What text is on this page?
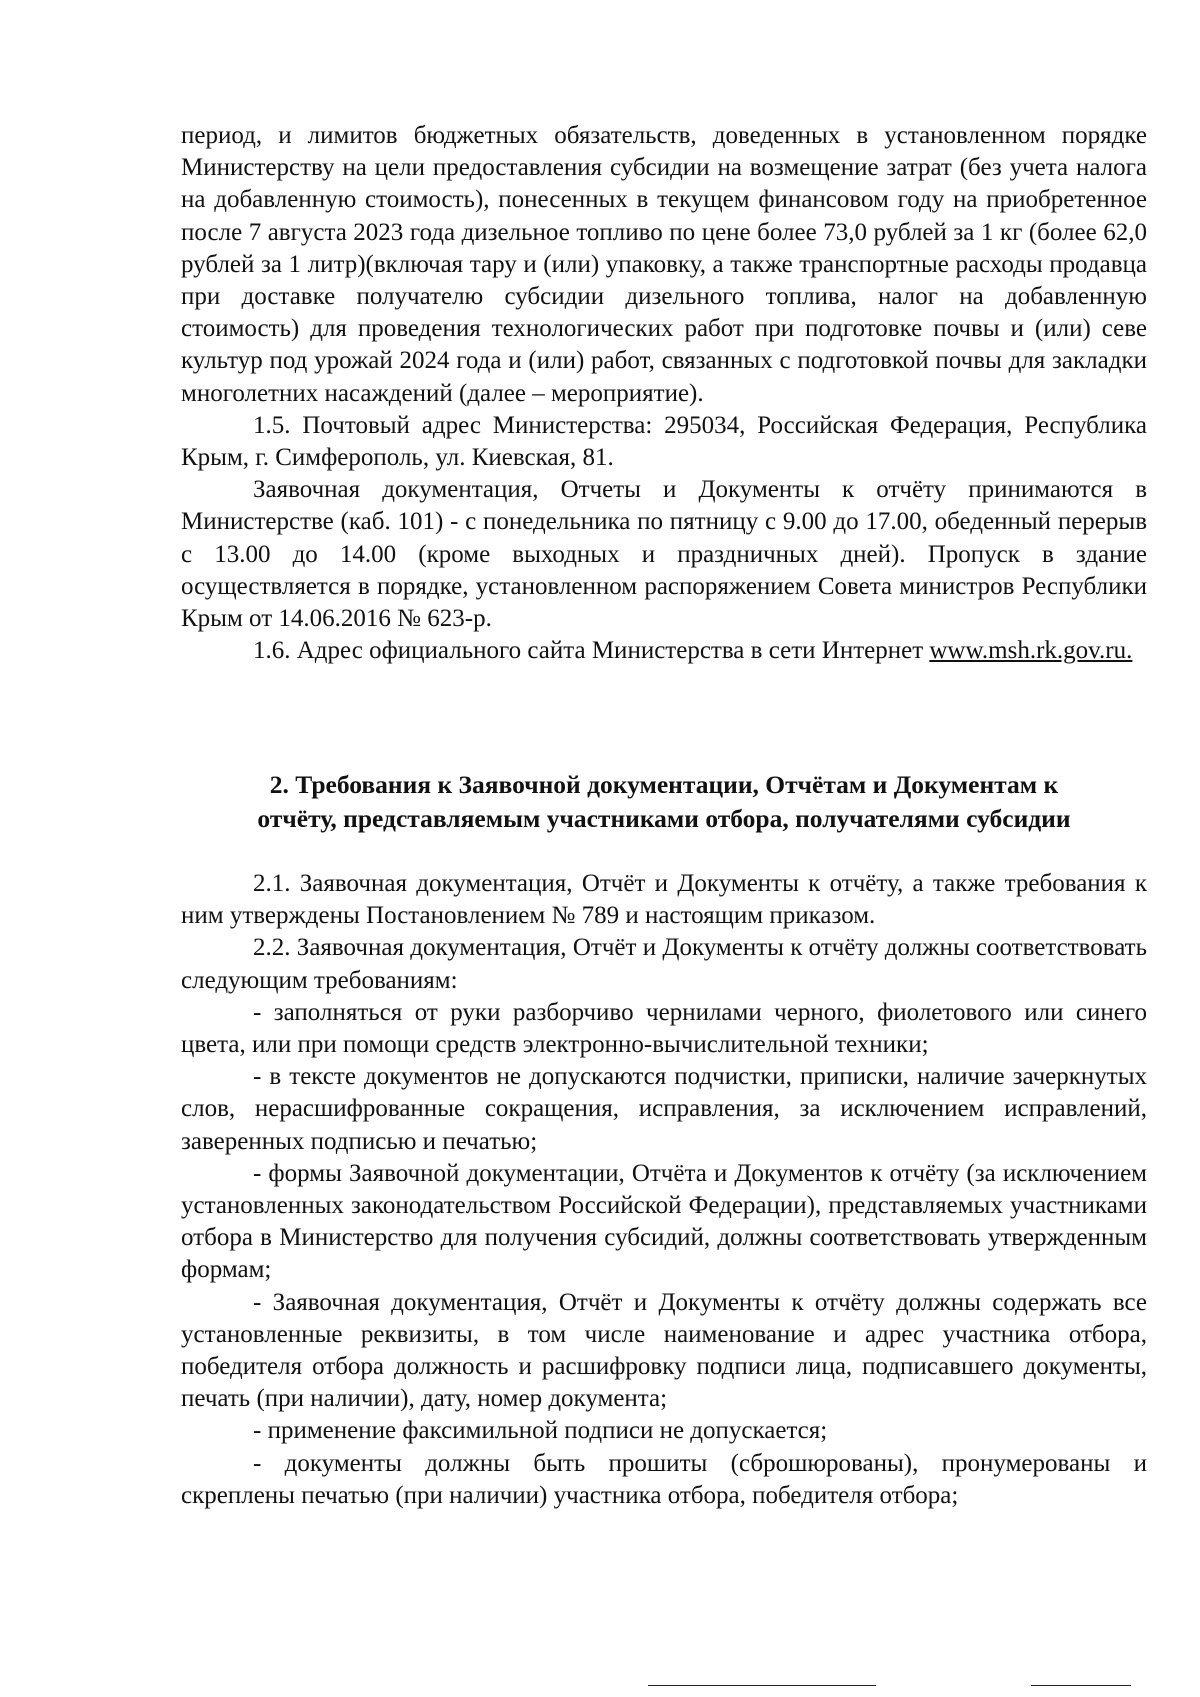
период, и лимитов бюджетных обязательств, доведенных в установленном порядке Министерству на цели предоставления субсидии на возмещение затрат (без учета налога на добавленную стоимость), понесенных в текущем финансовом году на приобретенное после 7 августа 2023 года дизельное топливо по цене более 73,0 рублей за 1 кг (более 62,0 рублей за 1 литр)(включая тару и (или) упаковку, а также транспортные расходы продавца при доставке получателю субсидии дизельного топлива, налог на добавленную стоимость) для проведения технологических работ при подготовке почвы и (или) севе культур под урожай 2024 года и (или) работ, связанных с подготовкой почвы для закладки многолетних насаждений (далее – мероприятие).

1.5. Почтовый адрес Министерства: 295034, Российская Федерация, Республика Крым, г. Симферополь, ул. Киевская, 81.

Заявочная документация, Отчеты и Документы к отчёту принимаются в Министерстве (каб. 101) - с понедельника по пятницу с 9.00 до 17.00, обеденный перерыв с 13.00 до 14.00 (кроме выходных и праздничных дней). Пропуск в здание осуществляется в порядке, установленном распоряжением Совета министров Республики Крым от 14.06.2016 № 623-р.

1.6. Адрес официального сайта Министерства в сети Интернет www.msh.rk.gov.ru.

2. Требования к Заявочной документации, Отчётам и Документам к
отчёту, представляемым участниками отбора, получателями субсидии

2.1. Заявочная документация, Отчёт и Документы к отчёту, а также требования к ним утверждены Постановлением № 789 и настоящим приказом.

2.2. Заявочная документация, Отчёт и Документы к отчёту должны соответствовать следующим требованиям:

- заполняться от руки разборчиво чернилами черного, фиолетового или синего цвета, или при помощи средств электронно-вычислительной техники;

- в тексте документов не допускаются подчистки, приписки, наличие зачеркнутых слов, нерасшифрованные сокращения, исправления, за исключением исправлений, заверенных подписью и печатью;

- формы Заявочной документации, Отчёта и Документов к отчёту (за исключением установленных законодательством Российской Федерации), представляемых участниками отбора в Министерство для получения субсидий, должны соответствовать утвержденным формам;

- Заявочная документация, Отчёт и Документы к отчёту должны содержать все установленные реквизиты, в том числе наименование и адрес участника отбора, победителя отбора должность и расшифровку подписи лица, подписавшего документы, печать (при наличии), дату, номер документа;

- применение факсимильной подписи не допускается;

- документы должны быть прошиты (сброшюрованы), пронумерованы и скреплены печатью (при наличии) участника отбора, победителя отбора;
